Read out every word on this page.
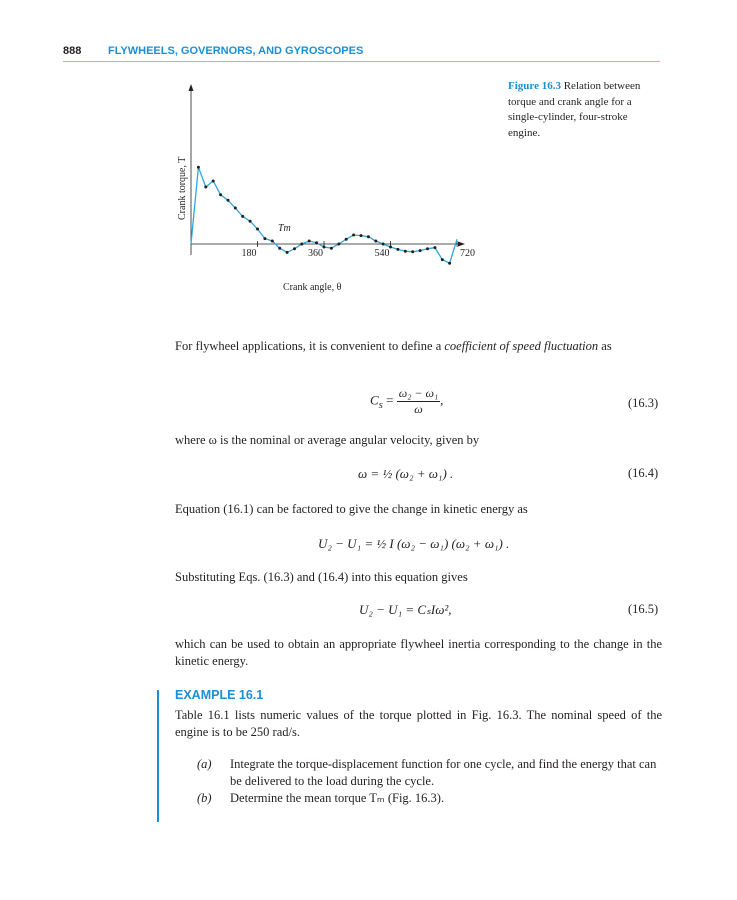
888 FLYWHEELS, GOVERNORS, AND GYROSCOPES
180	360	540	720
Tm
Crank angle, θ
Crank torque, T
Figure 16.3 Relation between torque and crank angle for a single-cylinder, four-stroke engine.
For flywheel applications, it is convenient to define a coefficient of speed fluctuation as
$C_s = \frac{\text{ω₂ − ω₁}}{\omega}$ ,	(16.3)
where ω is the nominal or average angular velocity, given by
ω = ½ (ω₂ + ω₁) .	(16.4)
Equation (16.1) can be factored to give the change in kinetic energy as
U₂ − U₁ = ½ I (ω₂ − ω₁) (ω₂ + ω₁) .
Substituting Eqs. (16.3) and (16.4) into this equation gives
U₂ − U₁ = CₛIω²,	(16.5)
which can be used to obtain an appropriate flywheel inertia corresponding to the change in the kinetic energy.
EXAMPLE 16.1
Table 16.1 lists numeric values of the torque plotted in Fig. 16.3. The nominal speed of the engine is to be 250 rad/s.
(a) Integrate the torque-displacement function for one cycle, and find the energy that can be delivered to the load during the cycle.
(b) Determine the mean torque Tₘ (Fig. 16.3).
